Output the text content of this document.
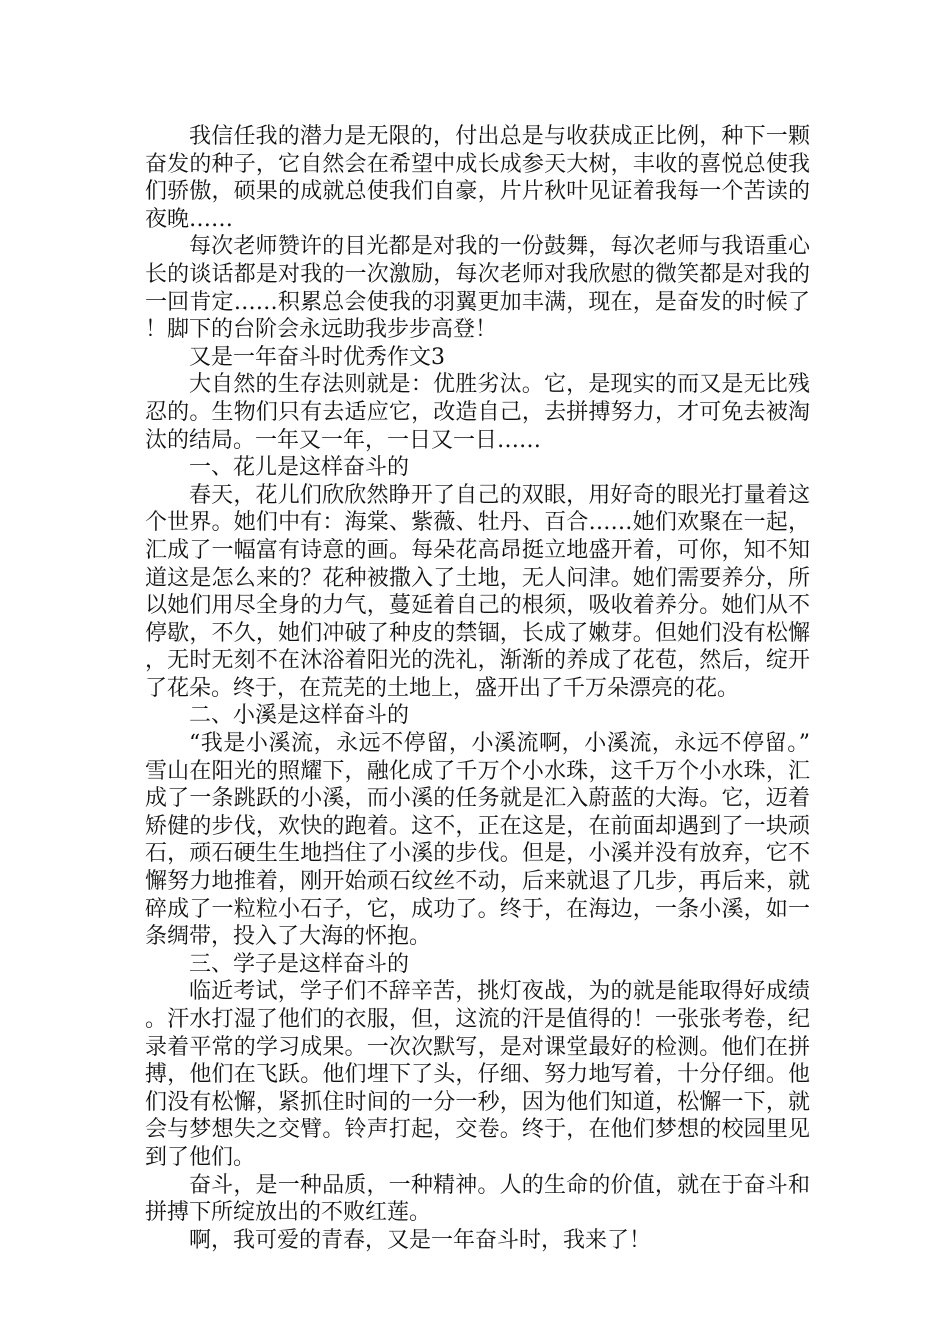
我信任我的潜力是无限的，付出总是与收获成正比例，种下一颗奋发的种子，它自然会在希望中成长成参天大树，丰收的喜悦总使我们骄傲，硕果的成就总使我们自豪，片片秋叶见证着我每一个苦读的夜晚……

每次老师赞许的目光都是对我的一份鼓舞，每次老师与我语重心长的谈话都是对我的一次激励，每次老师对我欣慰的微笑都是对我的一回肯定……积累总会使我的羽翼更加丰满，现在，是奋发的时候了！脚下的台阶会永远助我步步高登！

又是一年奋斗时优秀作文3

大自然的生存法则就是：优胜劣汰。它，是现实的而又是无比残忍的。生物们只有去适应它，改造自己，去拼搏努力，才可免去被淘汰的结局。一年又一年，一日又一日……

一、花儿是这样奋斗的

春天，花儿们欣欣然睁开了自己的双眼，用好奇的眼光打量着这个世界。她们中有：海棠、紫薇、牡丹、百合……她们欢聚在一起，汇成了一幅富有诗意的画。每朵花高昂挺立地盛开着，可你，知不知道这是怎么来的？花种被撒入了土地，无人问津。她们需要养分，所以她们用尽全身的力气，蔓延着自己的根须，吸收着养分。她们从不停歇，不久，她们冲破了种皮的禁锢，长成了嫩芽。但她们没有松懈，无时无刻不在沐浴着阳光的洗礼，渐渐的养成了花苞，然后，绽开了花朵。终于，在荒芜的土地上，盛开出了千万朵漂亮的花。

二、小溪是这样奋斗的

“我是小溪流，永远不停留，小溪流啊，小溪流，永远不停留。”雪山在阳光的照耀下，融化成了千万个小水珠，这千万个小水珠，汇成了一条跳跃的小溪，而小溪的任务就是汇入蔚蓝的大海。它，迈着矫健的步伐，欢快的跑着。这不，正在这是，在前面却遇到了一块顽石，顽石硬生生地挡住了小溪的步伐。但是，小溪并没有放弃，它不懈努力地推着，刚开始顽石纹丝不动，后来就退了几步，再后来，就碎成了一粒粒小石子，它，成功了。终于，在海边，一条小溪，如一条绸带，投入了大海的怀抱。

三、学子是这样奋斗的

临近考试，学子们不辞辛苦，挑灯夜战，为的就是能取得好成绩。汗水打湿了他们的衣服，但，这流的汗是值得的！一张张考卷，纪录着平常的学习成果。一次次默写，是对课堂最好的检测。他们在拼搏，他们在飞跃。他们埋下了头，仔细、努力地写着，十分仔细。他们没有松懈，紧抓住时间的一分一秒，因为他们知道，松懈一下，就会与梦想失之交臂。铃声打起，交卷。终于，在他们梦想的校园里见到了他们。

奋斗，是一种品质，一种精神。人的生命的价值，就在于奋斗和拼搏下所绽放出的不败红莲。

啊，我可爱的青春，又是一年奋斗时，我来了！
